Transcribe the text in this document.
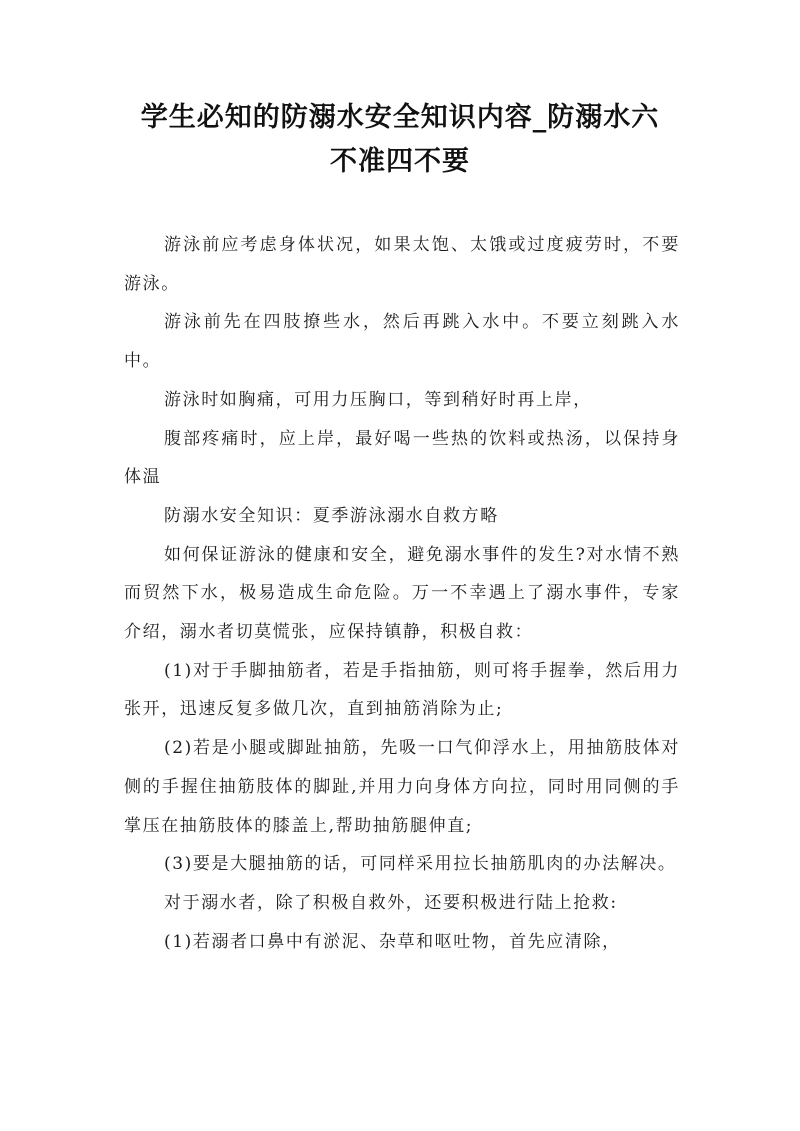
学生必知的防溺水安全知识内容_防溺水六
不准四不要

游泳前应考虑身体状况，如果太饱、太饿或过度疲劳时，不要游泳。

游泳前先在四肢撩些水，然后再跳入水中。不要立刻跳入水中。

游泳时如胸痛，可用力压胸口，等到稍好时再上岸，

腹部疼痛时，应上岸，最好喝一些热的饮料或热汤，以保持身体温

防溺水安全知识：夏季游泳溺水自救方略

如何保证游泳的健康和安全，避免溺水事件的发生?对水情不熟而贸然下水，极易造成生命危险。万一不幸遇上了溺水事件，专家介绍，溺水者切莫慌张，应保持镇静，积极自救：

(1)对于手脚抽筋者，若是手指抽筋，则可将手握拳，然后用力张开，迅速反复多做几次，直到抽筋消除为止;

(2)若是小腿或脚趾抽筋，先吸一口气仰浮水上，用抽筋肢体对侧的手握住抽筋肢体的脚趾,并用力向身体方向拉，同时用同侧的手掌压在抽筋肢体的膝盖上,帮助抽筋腿伸直;

(3)要是大腿抽筋的话，可同样采用拉长抽筋肌肉的办法解决。

对于溺水者，除了积极自救外，还要积极进行陆上抢救:

(1)若溺者口鼻中有淤泥、杂草和呕吐物，首先应清除，
